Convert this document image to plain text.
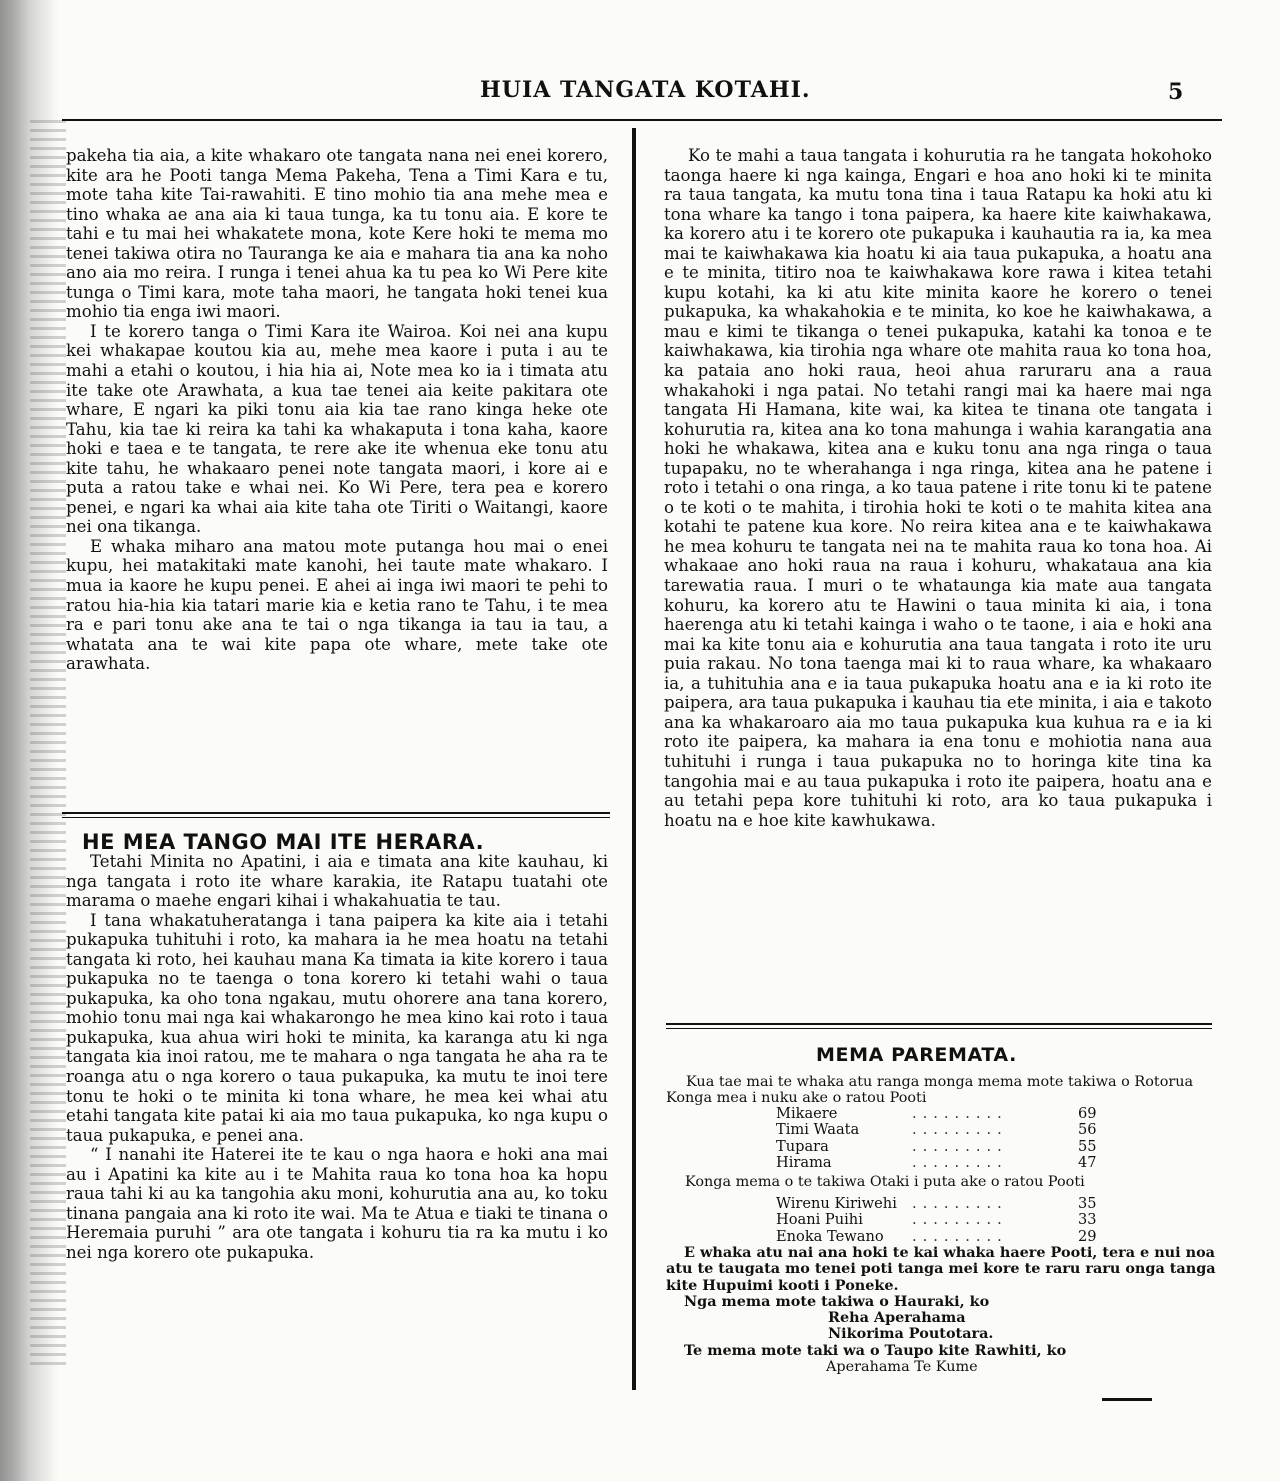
HUIA TANGATA KOTAHI.	5

pakeha tia aia, a kite whakaro ote tangata nana nei enei korero, kite ara he Pooti tanga Mema Pakeha, Tena a Timi Kara e tu, mote taha kite Tai-rawahiti. E tino mohio tia ana mehe mea e tino whaka ae ana aia ki taua tunga, ka tu tonu aia. E kore te tahi e tu mai hei whakatete mona, kote Kere hoki te mema mo tenei takiwa otira no Tauranga ke aia e mahara tia ana ka noho ano aia mo reira. I runga i tenei ahua ka tu pea ko Wi Pere kite tunga o Timi kara, mote taha maori, he tangata hoki tenei kua mohio tia enga iwi maori.

I te korero tanga o Timi Kara ite Wairoa. Koi nei ana kupu kei whakapae koutou kia au, mehe mea kaore i puta i au te mahi a etahi o koutou, i hia hia ai, Note mea ko ia i timata atu ite take ote Arawhata, a kua tae tenei aia keite pakitara ote whare, E ngari ka piki tonu aia kia tae rano kinga heke ote Tahu, kia tae ki reira ka tahi ka whakaputa i tona kaha, kaore hoki e taea e te tangata, te rere ake ite whenua eke tonu atu kite tahu, he whakaaro penei note tangata maori, i kore ai e puta a ratou take e whai nei. Ko Wi Pere, tera pea e korero penei, e ngari ka whai aia kite taha ote Tiriti o Waitangi, kaore nei ona tikanga.

E whaka miharo ana matou mote putanga hou mai o enei kupu, hei matakitaki mate kanohi, hei taute mate whakaro. I mua ia kaore he kupu penei. E ahei ai inga iwi maori te pehi to ratou hia-hia kia tatari marie kia e ketia rano te Tahu, i te mea ra e pari tonu ake ana te tai o nga tikanga ia tau ia tau, a whatata ana te wai kite papa ote whare, mete take ote arawhata.

HE MEA TANGO MAI ITE HERARA.

Tetahi Minita no Apatini, i aia e timata ana kite kauhau, ki nga tangata i roto ite whare karakia, ite Ratapu tuatahi ote marama o maehe engari kihai i whakahuatia te tau.

I tana whakatuheratanga i tana paipera ka kite aia i tetahi pukapuka tuhituhi i roto, ka mahara ia he mea hoatu na tetahi tangata ki roto, hei kauhau mana Ka timata ia kite korero i taua pukapuka no te taenga o tona korero ki tetahi wahi o taua pukapuka, ka oho tona ngakau, mutu ohorere ana tana korero, mohio tonu mai nga kai whakarongo he mea kino kai roto i taua pukapuka, kua ahua wiri hoki te minita, ka karanga atu ki nga tangata kia inoi ratou, me te mahara o nga tangata he aha ra te roanga atu o nga korero o taua pukapuka, ka mutu te inoi tere tonu te hoki o te minita ki tona whare, he mea kei whai atu etahi tangata kite patai ki aia mo taua pukapuka, ko nga kupu o taua pukapuka, e penei ana.

“ I nanahi ite Haterei ite te kau o nga haora e hoki ana mai au i Apatini ka kite au i te Mahita raua ko tona hoa ka hopu raua tahi ki au ka tangohia aku moni, kohurutia ana au, ko toku tinana pangaia ana ki roto ite wai. Ma te Atua e tiaki te tinana o Heremaia puruhi ” ara ote tangata i kohuru tia ra ka mutu i ko nei nga korero ote pukapuka.

Ko te mahi a taua tangata i kohurutia ra he tangata hokohoko taonga haere ki nga kainga, Engari e hoa ano hoki ki te minita ra taua tangata, ka mutu tona tina i taua Ratapu ka hoki atu ki tona whare ka tango i tona paipera, ka haere kite kaiwhakawa, ka korero atu i te korero ote pukapuka i kauhautia ra ia, ka mea mai te kaiwhakawa kia hoatu ki aia taua pukapuka, a hoatu ana e te minita, titiro noa te kaiwhakawa kore rawa i kitea tetahi kupu kotahi, ka ki atu kite minita kaore he korero o tenei pukapuka, ka whakahokia e te minita, ko koe he kaiwhakawa, a mau e kimi te tikanga o tenei pukapuka, katahi ka tonoa e te kaiwhakawa, kia tirohia nga whare ote mahita raua ko tona hoa, ka pataia ano hoki raua, heoi ahua raruraru ana a raua whakahoki i nga patai. No tetahi rangi mai ka haere mai nga tangata Hi Hamana, kite wai, ka kitea te tinana ote tangata i kohurutia ra, kitea ana ko tona mahunga i wahia karangatia ana hoki he whakawa, kitea ana e kuku tonu ana nga ringa o taua tupapaku, no te wherahanga i nga ringa, kitea ana he patene i roto i tetahi o ona ringa, a ko taua patene i rite tonu ki te patene o te koti o te mahita, i tirohia hoki te koti o te mahita kitea ana kotahi te patene kua kore. No reira kitea ana e te kaiwhakawa he mea kohuru te tangata nei na te mahita raua ko tona hoa. Ai whakaae ano hoki raua na raua i kohuru, whakatauа ana kia tarewatia raua. I muri o te whataunga kia mate aua tangata kohuru, ka korero atu te Hawini o taua minita ki aia, i tona haerenga atu ki tetahi kainga i waho o te taone, i aia e hoki ana mai ka kite tonu aia e kohurutia ana taua tangata i roto ite uru puia rakau. No tona taenga mai ki to raua whare, ka whakaaro ia, a tuhituhia ana e ia taua pukapuka hoatu ana e ia ki roto ite paipera, ara taua pukapuka i kauhau tia ete minita, i aia e takoto ana ka whakaroaro aia mo taua pukapuka kua kuhua ra e ia ki roto ite paipera, ka mahara ia ena tonu e mohiotia nana aua tuhituhi i runga i taua pukapuka no to horinga kite tina ka tangohia mai e au taua pukapuka i roto ite paipera, hoatu ana e au tetahi pepa kore tuhituhi ki roto, ara ko taua pukapuka i hoatu na e hoe kite kawhukawa.

MEMA PAREMATA.

Kua tae mai te whaka atu ranga monga mema mote takiwa o Rotorua Konga mea i nuku ake o ratou Pooti

Mikaere	.........	69
Timi Waata	.........	56
Tupara	.........	55
Hirama	.........	47

Konga mema o te takiwa Otaki i puta ake o ratou Pooti

Wirenu Kiriwehi	.........	35
Hoani Puihi	.........	33
Enoka Tewano	.........	29

E whaka atu nai ana hoki te kai whaka haere Pooti, tera e nui noa atu te taugata mo tenei poti tanga mei kore te raru raru onga tanga kite Hupuimi kooti i Poneke.

Nga mema mote takiwa o Hauraki, ko

Reha Aperahama

Nikorima Poutotara.

Te mema mote taki wa o Taupo kite Rawhiti, ko

Aperahama Te Kume
